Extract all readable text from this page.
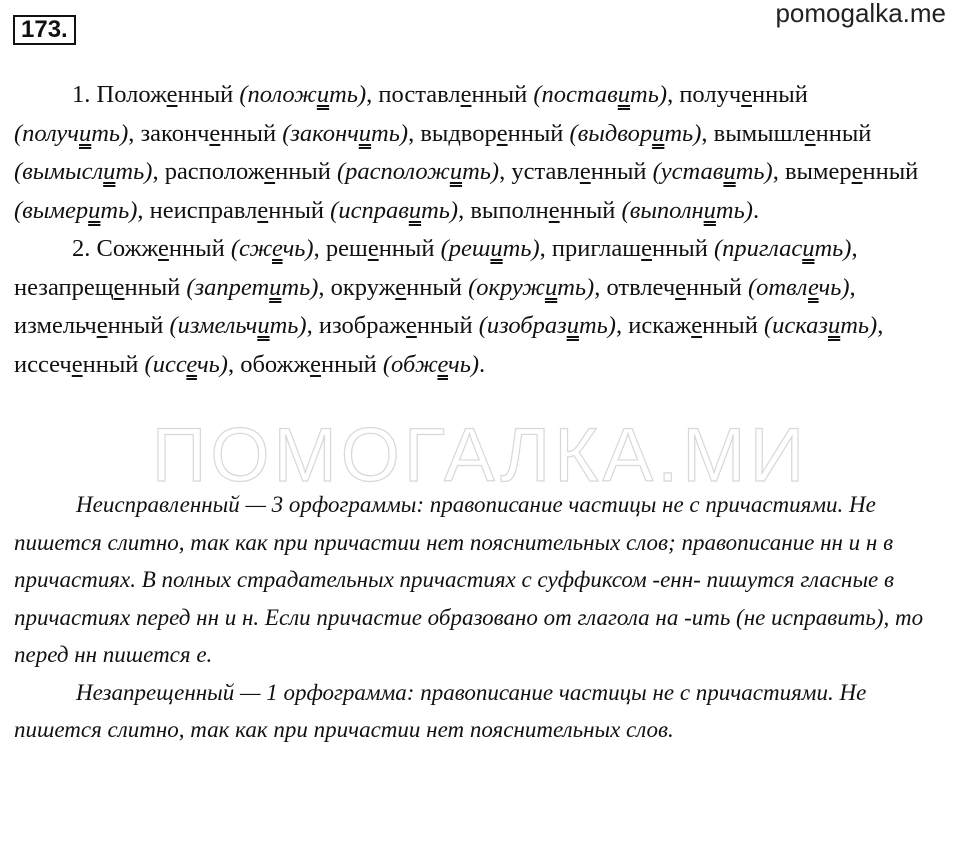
173.
pomogalka.me
ПОМОГАЛКА.МИ

1. Положенный (положить), поставленный (поставить), полученный (получить), законченный (закончить), выдворенный (выдворить), вымышленный (вымыслить), расположенный (расположить), уставленный (уставить), вымеренный (вымерить), неисправленный (исправить), выполненный (выполнить).

2. Сожженный (сжечь), решенный (решить), приглашенный (пригласить), незапрещенный (запретить), окруженный (окружить), отвлеченный (отвлечь), измельченный (измельчить), изображенный (изобразить), искаженный (исказить), иссеченный (иссечь), обожженный (обжечь).

Неисправленный — 3 орфограммы: правописание частицы не с причастиями. Не пишется слитно, так как при причастии нет пояснительных слов; правописание нн и н в причастиях. В полных страдательных причастиях с суффиксом -енн- пишутся гласные в причастиях перед нн и н. Если причастие образовано от глагола на -ить (не исправить), то перед нн пишется е.

Незапрещенный — 1 орфограмма: правописание частицы не с причастиями. Не пишется слитно, так как при причастии нет пояснительных слов.
